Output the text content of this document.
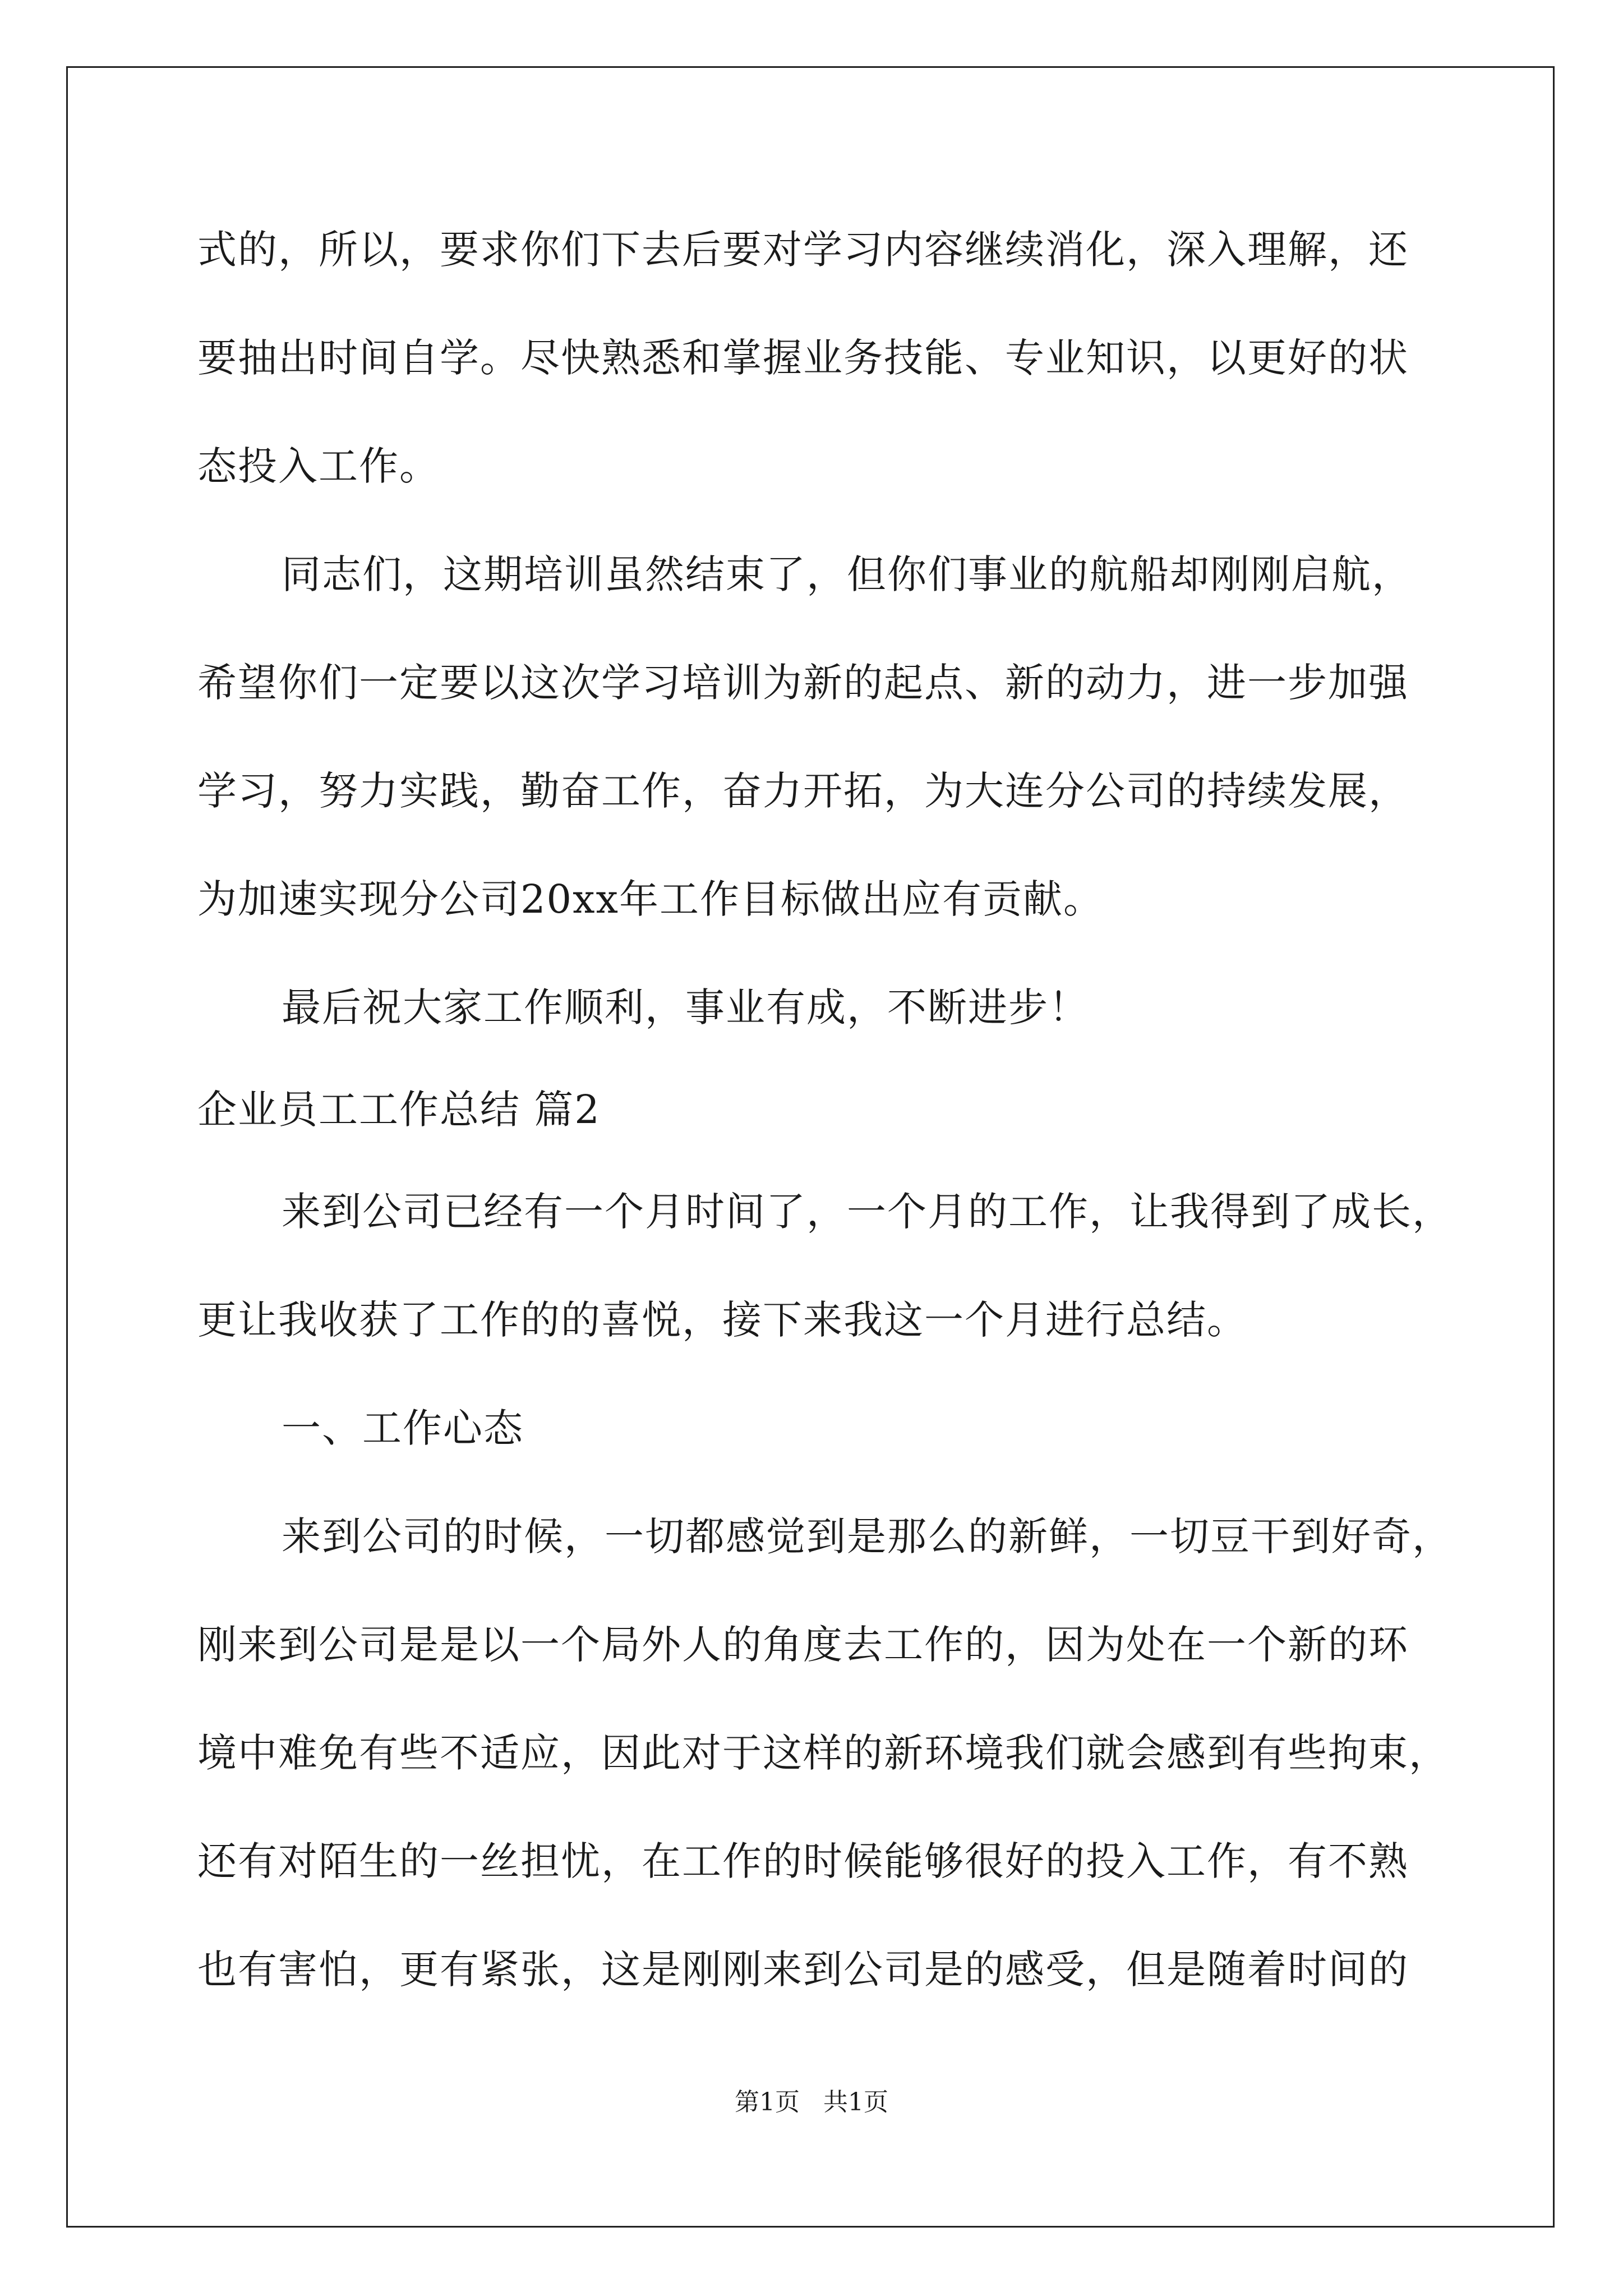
式的，所以，要求你们下去后要对学习内容继续消化，深入理解，还
要抽出时间自学。尽快熟悉和掌握业务技能、专业知识，以更好的状
态投入工作。
同志们，这期培训虽然结束了，但你们事业的航船却刚刚启航，
希望你们一定要以这次学习培训为新的起点、新的动力，进一步加强
学习，努力实践，勤奋工作，奋力开拓，为大连分公司的持续发展，
为加速实现分公司20xx年工作目标做出应有贡献。
最后祝大家工作顺利，事业有成，不断进步！
企业员工工作总结 篇2
来到公司已经有一个月时间了，一个月的工作，让我得到了成长，
更让我收获了工作的的喜悦，接下来我这一个月进行总结。
一、工作心态
来到公司的时候，一切都感觉到是那么的新鲜，一切豆干到好奇，
刚来到公司是是以一个局外人的角度去工作的，因为处在一个新的环
境中难免有些不适应，因此对于这样的新环境我们就会感到有些拘束，
还有对陌生的一丝担忧，在工作的时候能够很好的投入工作，有不熟
也有害怕，更有紧张，这是刚刚来到公司是的感受，但是随着时间的
第1页   共1页
